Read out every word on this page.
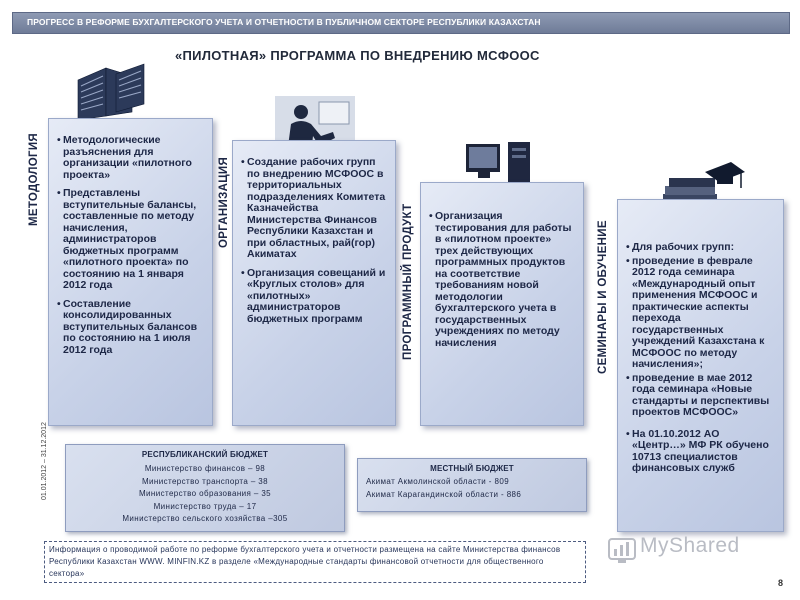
ПРОГРЕСС В РЕФОРМЕ БУХГАЛТЕРСКОГО УЧЕТА И ОТЧЕТНОСТИ В ПУБЛИЧНОМ СЕКТОРЕ РЕСПУБЛИКИ КАЗАХСТАН
«ПИЛОТНАЯ» ПРОГРАММА ПО ВНЕДРЕНИЮ МСФООС
• Методологические разъяснения для организации «пилотного проекта»
• Представлены вступительные балансы, составленные по методу начисления, администраторов бюджетных программ «пилотного проекта» по состоянию на 1 января 2012 года
• Составление консолидированных вступительных балансов по состоянию на 1 июля 2012 года
МЕТОДОЛОГИЯ	• Создание рабочих групп по внедрению МСФООС в территориальных подразделениях Комитета Казначейства Министерства Финансов Республики Казахстан и при областных, рай(гор) Акиматах
• Организация совещаний и «Круглых столов» для «пилотных» администраторов бюджетных программ
ОРГАНИЗАЦИЯ	• Организация тестирования для работы в «пилотном проекте» трех действующих программных продуктов на соответствие требованиям новой методологии бухгалтерского учета в государственных учреждениях по методу начисления
ПРОГРАММНЫЙ ПРОДУКТ	• Для рабочих групп:
• проведение в феврале 2012 года семинара «Международный опыт применения МСФООС и практические аспекты перехода государственных учреждений Казахстана к МСФООС по методу начисления»;
• проведение в мае 2012 года семинара «Новые стандарты и перспективы проектов МСФООС»
• На 01.10.2012 АО «Центр…» МФ РК обучено 10713 специалистов финансовых служб
СЕМИНАРЫ И ОБУЧЕНИЕ
01.01.2012 – 31.12.2012	РЕСПУБЛИКАНСКИЙ БЮДЖЕТ
Министерство финансов – 98
Министерство транспорта – 38
Министерство образования – 35
Министерство труда – 17
Министерство сельского хозяйства –305
МЕСТНЫЙ БЮДЖЕТ
Акимат Акмолинской области - 809
Акимат Карагандинской области - 886
Информация о проводимой работе по реформе бухгалтерского учета и отчетности размещена на сайте Министерства финансов Республики Казахстан WWW. MINFIN.KZ в разделе «Международные стандарты финансовой отчетности для общественного сектора»
MyShared
8
